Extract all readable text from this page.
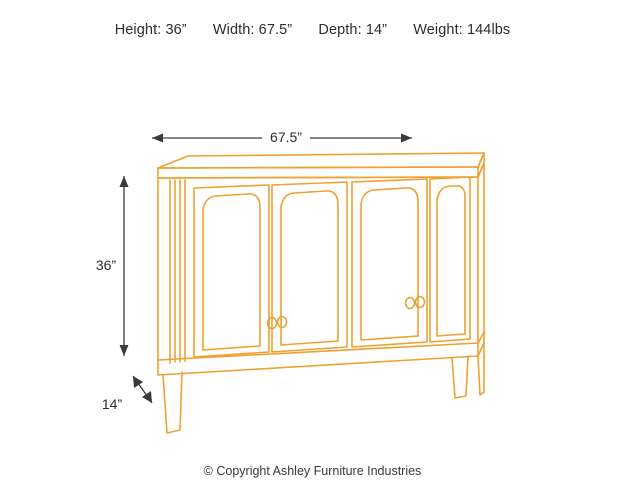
Height: 36” Width: 67.5” Depth: 14” Weight: 144lbs
67.5”
36”
14”
© Copyright Ashley Furniture Industries
